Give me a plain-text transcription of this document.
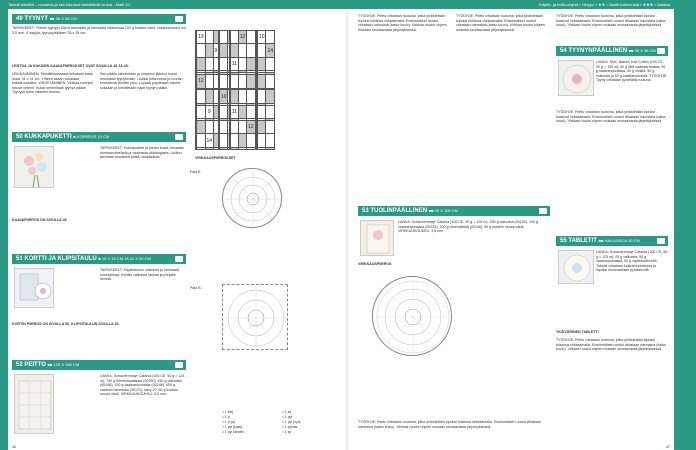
Taidolt tekstiilit – nouseva ja sen lukuisat viehättävät lankat - Malli 1/2	Käyttö- ja hoito-ohjeet • Helppo • ★★ • Vaatii kokemusta • ★★★ • Vaativa
49 TYYNYT ■■ 38 X 38 CM
TARVIKKEET: Yhteen tyynyyn 65cm harmaata ja harmaata villalankaa 100 g kutakin väriä, virkkuukoukku nro 3,5 mm, 4 nappia, tyynynpäällinen 35 x 35 cm.
LENTOA JA KUKKIEN KAAVAPIIRROKSET OVAT SIVUILLA 48 JA 49.
LEIKKAAMINEN: Tekstiilikankaasta leikataan kaksi osaa, 41 x 41 cm. Yhteen osaan virkataan kukkaruudukko. YHDISTÄMINEN: Virkkaa ruutujen reunat yhteen. Kukat ommellaan tyynyn päälle. Tyynyyn tulee villainen reunus.
Sen päälle kiinnitetään ja ompelun jälkeen kukat neulotaan tyynyliinalle. Lisäksi pitsireunus ja reunan koristeena virkattu piko. Lopuksi pujotetaan nauha kukkaan ja kiinnitetään napit tyynyn päälle.
50 KUKKAPUKETTI ■ KORKEUS 24 CM
TARVIKKEET: Kukkapuketti ja pienet kukat virkataan tummanvihreästä ja vaaleasta villalangasta. Lisäksi tarvitaan muutama pätkä rautalankaa.
KAAVAPIIRROS ON SIVULLA 46
51 KORTTI JA KLIPSITAULU ■ 15 X 15 CM JA 21 X 30 CM
TARVIKKEET: Klipsitauluun valkoista ja harmaata kuviolankaa. Korttiin valkoista lankaa ja pohjalle helmiä.
KORTIN PIIRROS ON SIVULLA 56, KLIPSITAULUN SIVULLA 53.
52 PEITTO ■■ 125 X 165 CM
LANKA: Schachenmayr Catania (100 CE, 50 g = 125 m): 750 g lehtirnimaalaista (00390), 150 g valkoista (00106), 150 g vaaleanpunaista (00246), 450 g vaalean harmaata (00172), sävy 10, 50 g kutakin muuta väriä. VIRKKUUKOUKKU: 3,5 mm.
	13								12				10	
			9											14
								11						

	12													

					10									

		9						11						

										12				
		14												

VIRKKAUSPIIRROKSET
Pala A
Pala B
= 1 ketj	= 1 ks
= 1 p	= 1 pyl
= 1 p pyl	= 1 pyl (nyk)
= 1 pyl (kaks)	= 1 pylväs
= 1 pyl kahden	= 1 sp
46
TYÖOHJE: Peitto virkataan ruutuina, jotka yhdistetään lopuksi toisiinsa virkkaamalla. Ensimmäiset ruudut virkataan harmaina (katso kuvio). Virkkaa ruudut ohjeen mukaan seuraavassa järjestyksessä.
TYÖOHJE: Peitto virkataan ruutuina, jotka yhdistetään lopuksi toisiinsa virkkaamalla. Ensimmäiset ruudut virkataan harmaina (katso kuvio). Virkkaa ruudut ohjeen mukaan seuraavassa järjestyksessä.
TYÖOHJE: Peitto virkataan ruutuina, jotka yhdistetään lopuksi toisiinsa virkkaamalla. Ensimmäiset ruudut virkataan harmaina (katso kuvio). Virkkaa ruudut ohjeen mukaan seuraavassa järjestyksessä.
54 TYYNYNPÄÄLLINEN ■■ 38 X 38 CM
LANKA: SMC Natura Just Cotton (100 CE, 50 g = 155 m): 50 g tätä vaaleaa lankaa, 50 g vaaleanpunaista, 50 g sinistä, 50 g valkoista ja 50 g vaaleanvihreää. TYÖOHJE: Tyyny virkataan pyöreäksi ruutuna.
TYÖOHJE: Peitto virkataan ruutuina, jotka yhdistetään lopuksi toisiinsa virkkaamalla. Ensimmäiset ruudut virkataan harmaina (katso kuvio). Virkkaa ruudut ohjeen mukaan seuraavassa järjestyksessä.
53 TUOLINPÄÄLLINEN ■■ 45 X 105 CM
LANKA: Schachenmayr Catania (100 CE, 50 g = 125 m): 250 g valkoista (00105), 100 g vaaleanpunaista (00225), 100 g lohenväristä (00246), 50 g kutakin muuta väriä. VIRKKUUKOUKKU: 3,5 mm.
VIRKKAUSPIIRROS
TYÖOHJE: Peitto virkataan ruutuina, jotka yhdistetään lopuksi toisiinsa virkkaamalla. Ensimmäiset ruudut virkataan harmaina (katso kuvio). Virkkaa ruudut ohjeen mukaan seuraavassa järjestyksessä.
55 TABLETIT ■■ HALKAISIJA 35 CM
LANKA: Schachenmayr Catania (100 CE, 50 g = 125 m): 25 g valkoista, 50 g vaaleanpunaista, 50 g vaaleanvihreää. Tabletit virkataan kukkaruudukkona ja lopuksi reunustetaan pylväsrivillä.
YKSIVÄRINEN TABLETTI
TYÖOHJE: Peitto virkataan ruutuina, jotka yhdistetään lopuksi toisiinsa virkkaamalla. Ensimmäiset ruudut virkataan harmaina (katso kuvio). Virkkaa ruudut ohjeen mukaan seuraavassa järjestyksessä.
47
